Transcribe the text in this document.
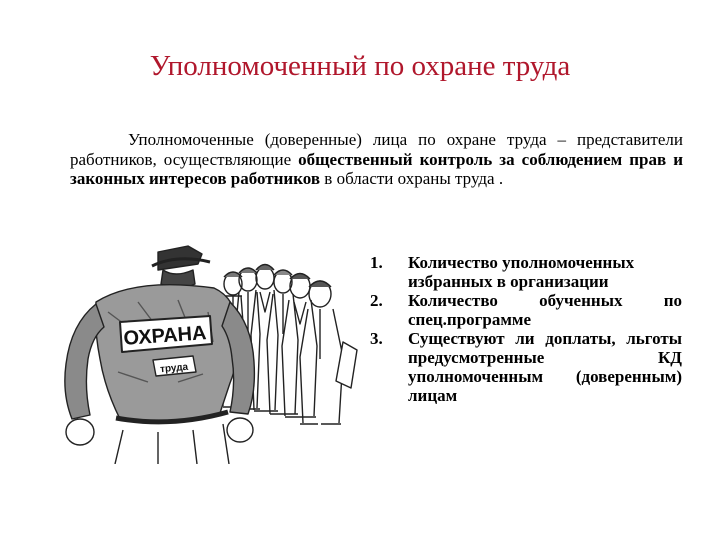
Уполномоченный по охране труда

Уполномоченные (доверенные) лица по охране труда – представители работников, осуществляющие общественный контроль за соблюдением прав и законных интересов работников в области охраны труда .

1.	Количество уполномоченных избранных в организации
2.	Количество обученных по спец.программе
3.	Существуют ли доплаты, льготы предусмотренные КД уполномоченным (доверенным) лицам
ОХРАНА
труда
